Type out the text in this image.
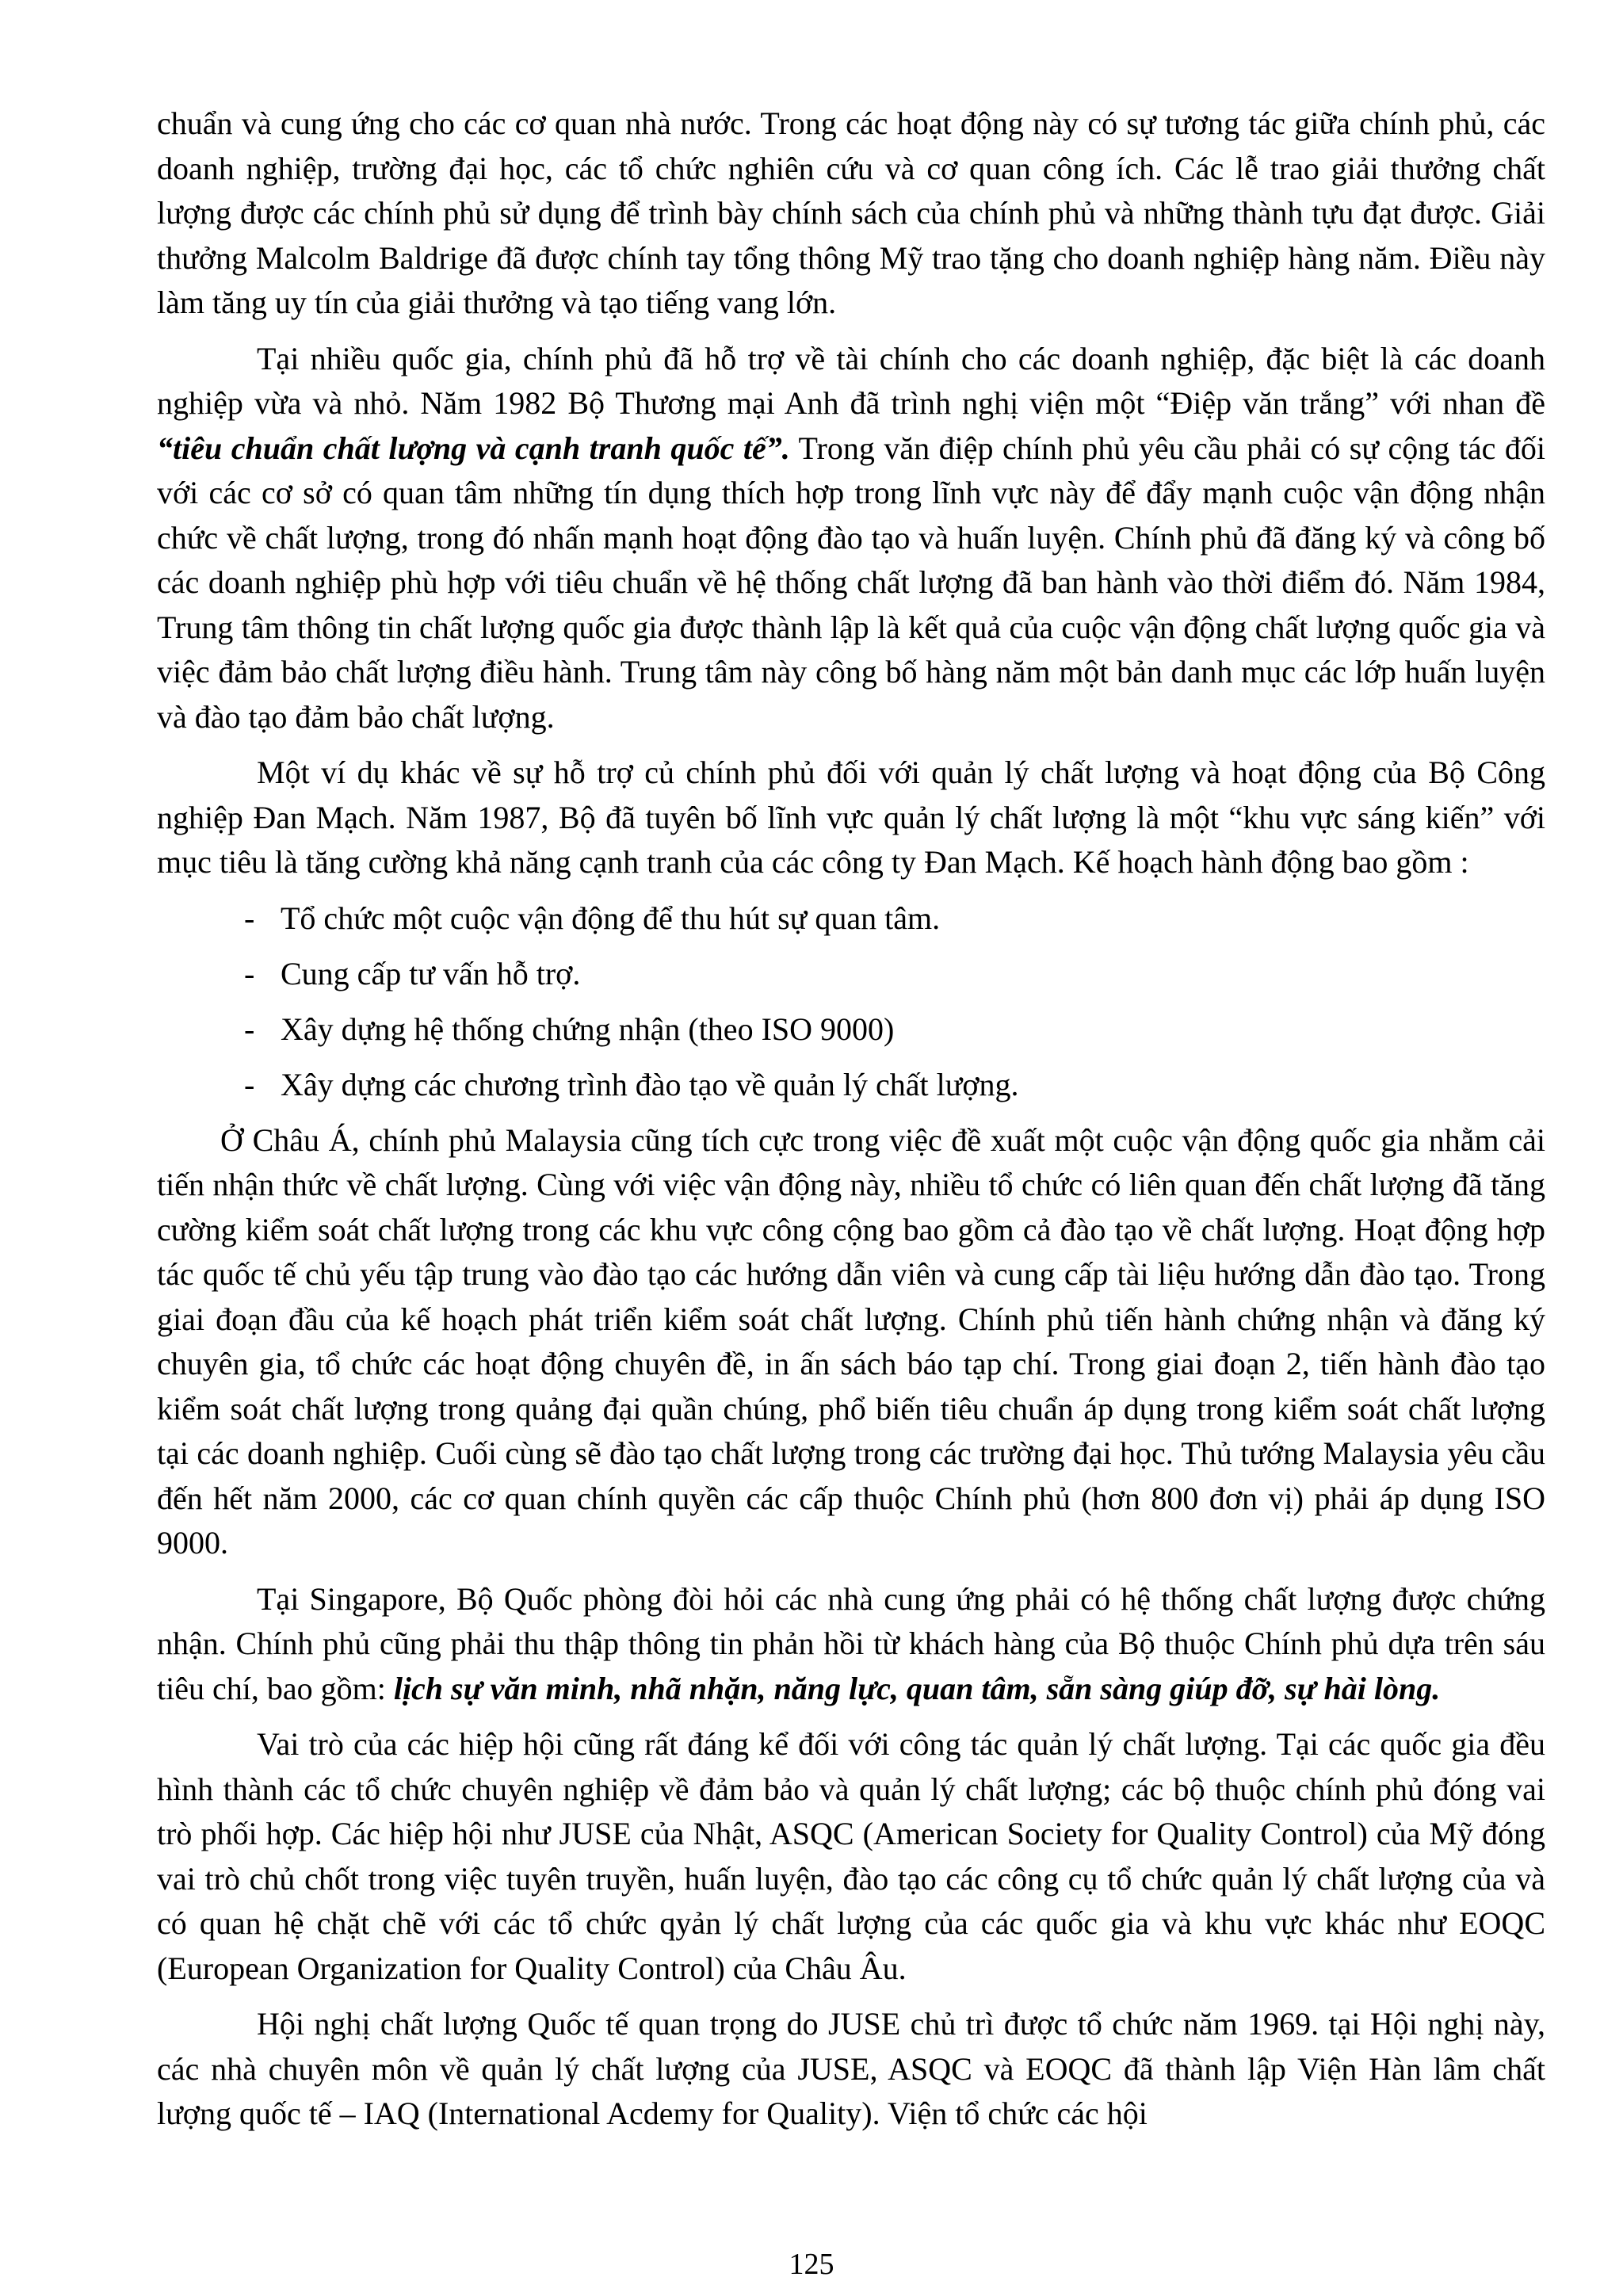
chuẩn và cung ứng cho các cơ quan nhà nước. Trong các hoạt động này có sự tương tác giữa chính phủ, các doanh nghiệp, trường đại học, các tổ chức nghiên cứu và cơ quan công ích. Các lễ trao giải thưởng chất lượng được các chính phủ sử dụng để trình bày chính sách của chính phủ và những thành tựu đạt được. Giải thưởng Malcolm Baldrige đã được chính tay tổng thông Mỹ trao tặng cho doanh nghiệp hàng năm. Điều này làm tăng uy tín của giải thưởng và tạo tiếng vang lớn.

Tại nhiều quốc gia, chính phủ đã hỗ trợ về tài chính cho các doanh nghiệp, đặc biệt là các doanh nghiệp vừa và nhỏ. Năm 1982 Bộ Thương mại Anh đã trình nghị viện một “Điệp văn trắng” với nhan đề “tiêu chuẩn chất lượng và cạnh tranh quốc tế”. Trong văn điệp chính phủ yêu cầu phải có sự cộng tác đối với các cơ sở có quan tâm những tín dụng thích hợp trong lĩnh vực này để đẩy mạnh cuộc vận động nhận chức về chất lượng, trong đó nhấn mạnh hoạt động đào tạo và huấn luyện. Chính phủ đã đăng ký và công bố các doanh nghiệp phù hợp với tiêu chuẩn về hệ thống chất lượng đã ban hành vào thời điểm đó. Năm 1984, Trung tâm thông tin chất lượng quốc gia được thành lập là kết quả của cuộc vận động chất lượng quốc gia và việc đảm bảo chất lượng điều hành. Trung tâm này công bố hàng năm một bản danh mục các lớp huấn luyện và đào tạo đảm bảo chất lượng.

Một ví dụ khác về sự hỗ trợ củ chính phủ đối với quản lý chất lượng và hoạt động của Bộ Công nghiệp Đan Mạch. Năm 1987, Bộ đã tuyên bố lĩnh vực quản lý chất lượng là một “khu vực sáng kiến” với mục tiêu là tăng cường khả năng cạnh tranh của các công ty Đan Mạch. Kế hoạch hành động bao gồm :

- Tổ chức một cuộc vận động để thu hút sự quan tâm.
- Cung cấp tư vấn hỗ trợ.
- Xây dựng hệ thống chứng nhận (theo ISO 9000)
- Xây dựng các chương trình đào tạo về quản lý chất lượng.

Ở Châu Á, chính phủ Malaysia cũng tích cực trong việc đề xuất một cuộc vận động quốc gia nhằm cải tiến nhận thức về chất lượng. Cùng với việc vận động này, nhiều tổ chức có liên quan đến chất lượng đã tăng cường kiểm soát chất lượng trong các khu vực công cộng bao gồm cả đào tạo về chất lượng. Hoạt động hợp tác quốc tế chủ yếu tập trung vào đào tạo các hướng dẫn viên và cung cấp tài liệu hướng dẫn đào tạo. Trong giai đoạn đầu của kế hoạch phát triển kiểm soát chất lượng. Chính phủ tiến hành chứng nhận và đăng ký chuyên gia, tổ chức các hoạt động chuyên đề, in ấn sách báo tạp chí. Trong giai đoạn 2, tiến hành đào tạo kiểm soát chất lượng trong quảng đại quần chúng, phổ biến tiêu chuẩn áp dụng trong kiểm soát chất lượng tại các doanh nghiệp. Cuối cùng sẽ đào tạo chất lượng trong các trường đại học. Thủ tướng Malaysia yêu cầu đến hết năm 2000, các cơ quan chính quyền các cấp thuộc Chính phủ (hơn 800 đơn vị) phải áp dụng ISO 9000.

Tại Singapore, Bộ Quốc phòng đòi hỏi các nhà cung ứng phải có hệ thống chất lượng được chứng nhận. Chính phủ cũng phải thu thập thông tin phản hồi từ khách hàng của Bộ thuộc Chính phủ dựa trên sáu tiêu chí, bao gồm: lịch sự văn minh, nhã nhặn, năng lực, quan tâm, sẵn sàng giúp đỡ, sự hài lòng.

Vai trò của các hiệp hội cũng rất đáng kể đối với công tác quản lý chất lượng. Tại các quốc gia đều hình thành các tổ chức chuyên nghiệp về đảm bảo và quản lý chất lượng; các bộ thuộc chính phủ đóng vai trò phối hợp. Các hiệp hội như JUSE của Nhật, ASQC (American Society for Quality Control) của Mỹ đóng vai trò chủ chốt trong việc tuyên truyền, huấn luyện, đào tạo các công cụ tổ chức quản lý chất lượng của và có quan hệ chặt chẽ với các tổ chức qyản lý chất lượng của các quốc gia và khu vực khác như EOQC (European Organization for Quality Control) của Châu Âu.

Hội nghị chất lượng Quốc tế quan trọng do JUSE chủ trì được tổ chức năm 1969. tại Hội nghị này, các nhà chuyên môn về quản lý chất lượng của JUSE, ASQC và EOQC đã thành lập Viện Hàn lâm chất lượng quốc tế – IAQ (International Acdemy for Quality). Viện tổ chức các hội

125
